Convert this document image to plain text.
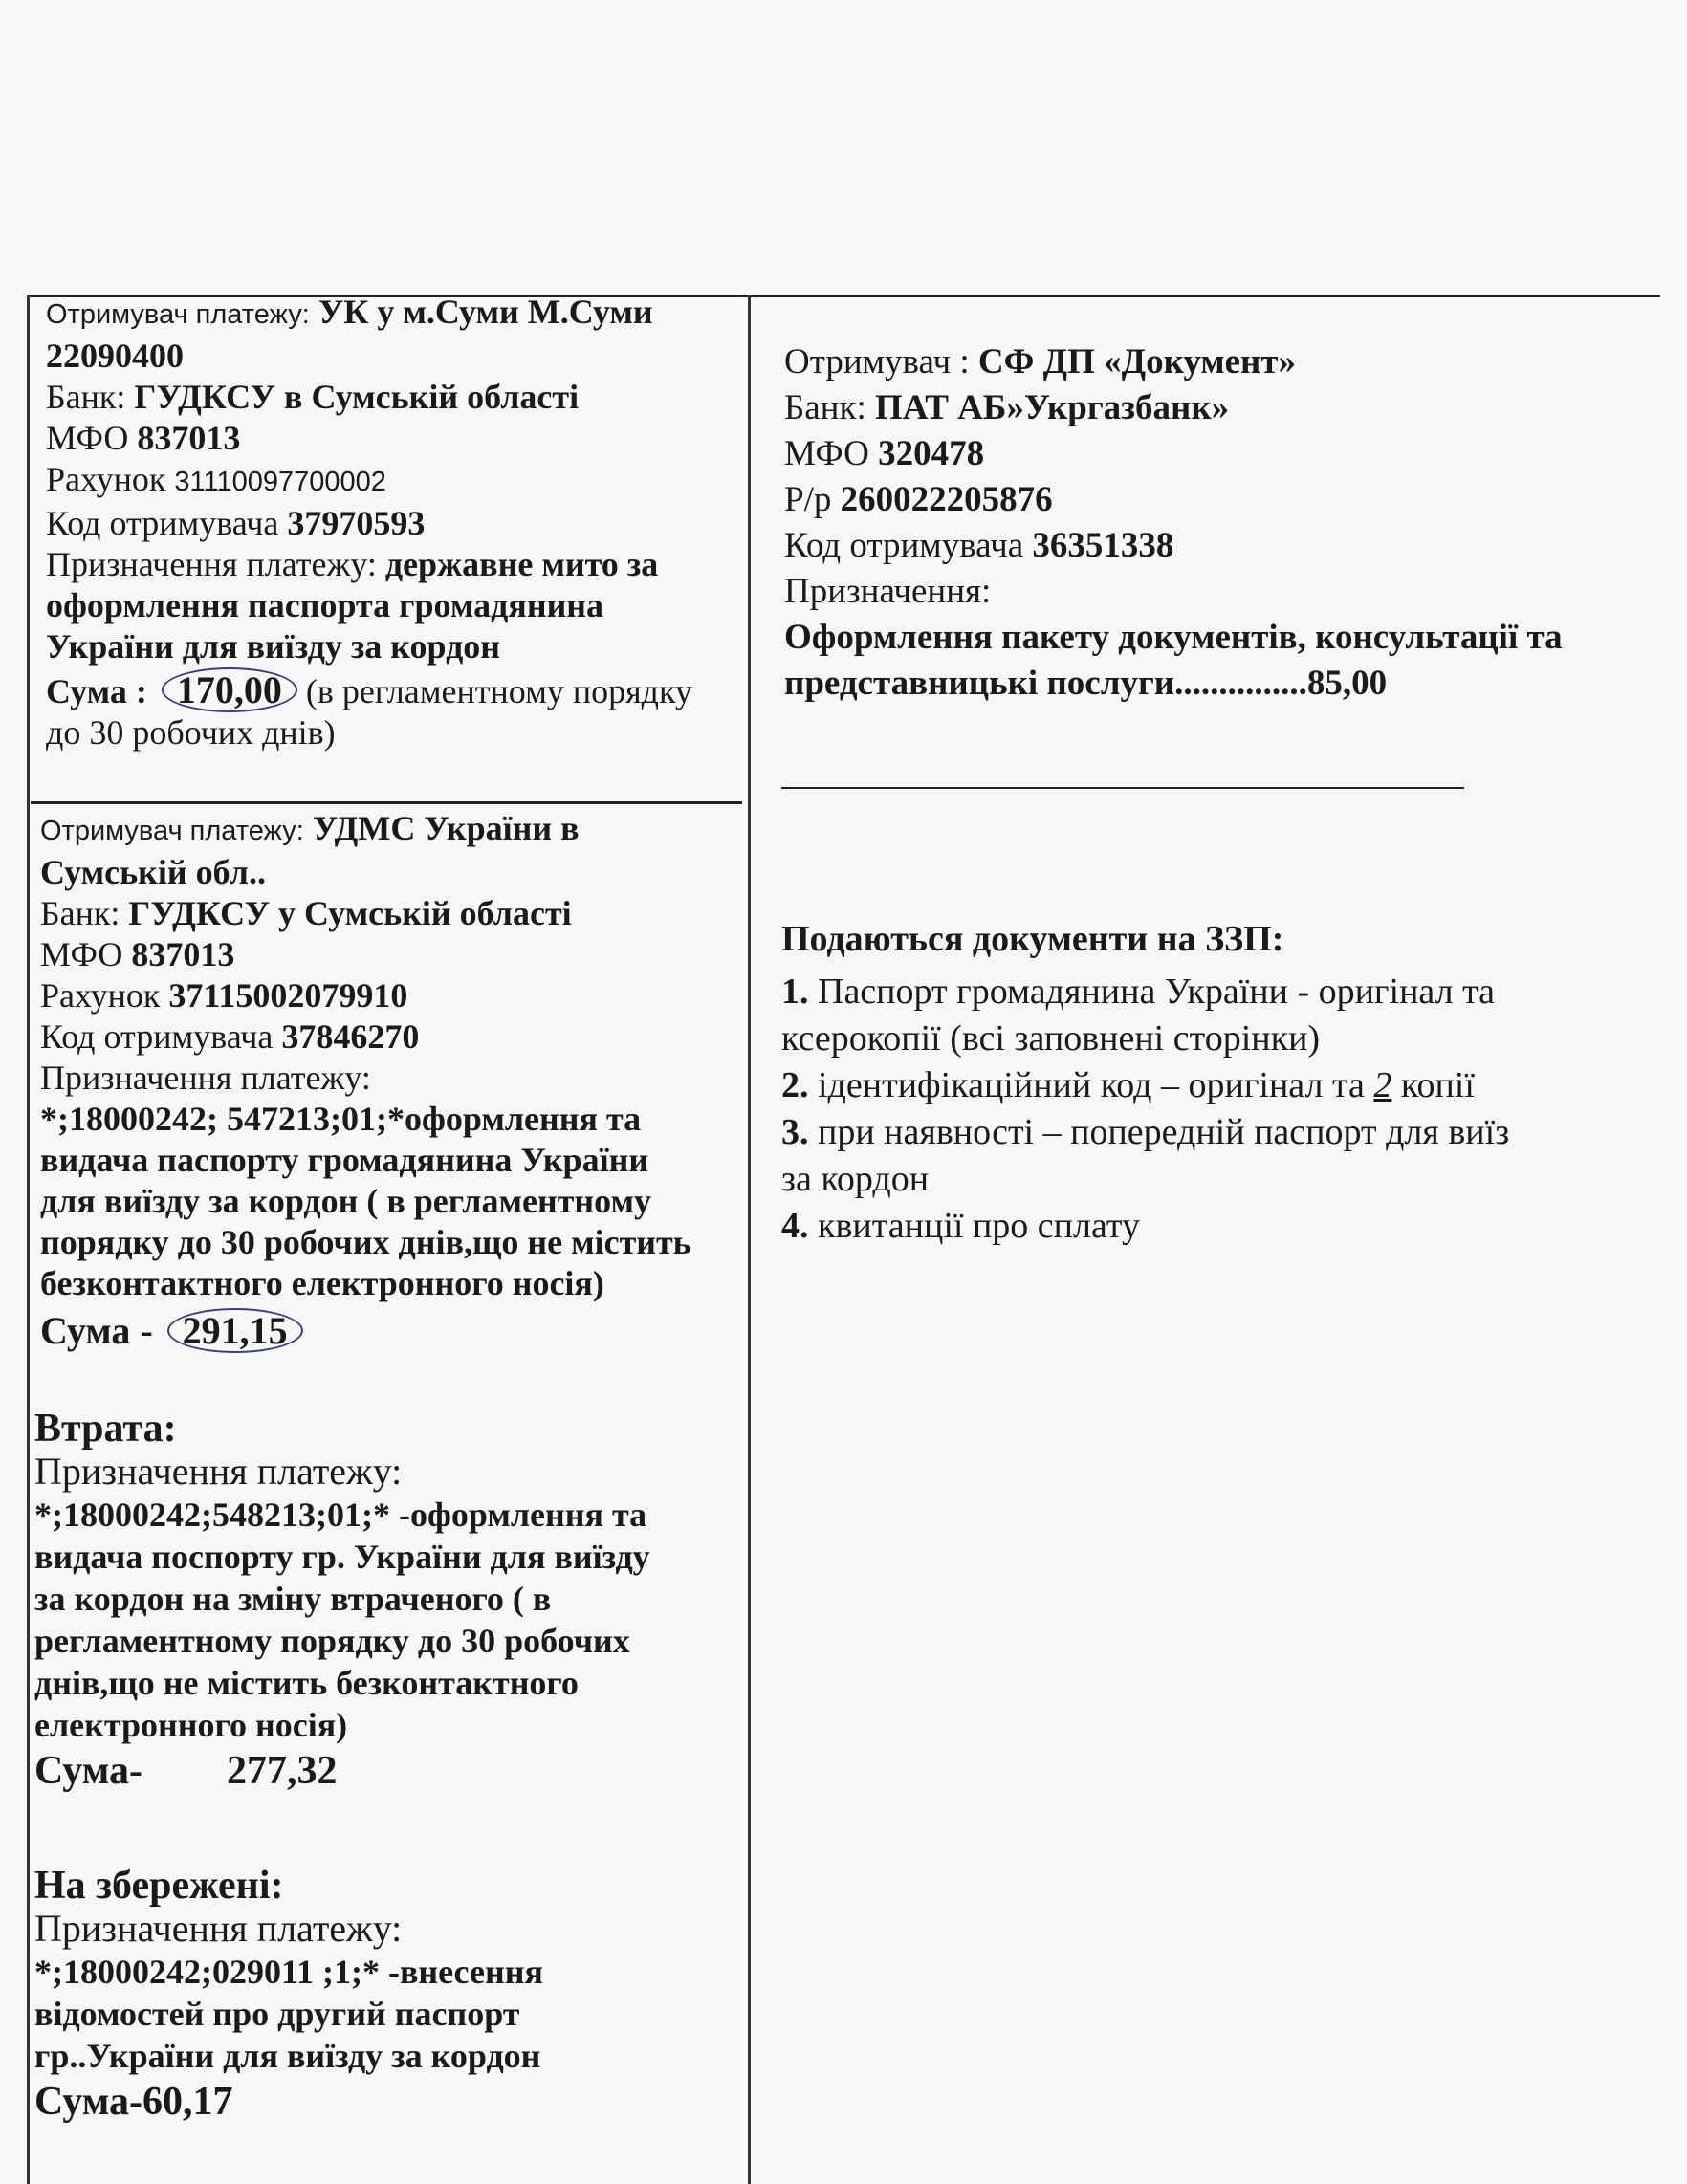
Отримувач платежу: УК у м.Суми М.Суми
22090400
Банк: ГУДКСУ в Сумській області
МФО 837013
Рахунок 31110097700002
Код отримувача 37970593
Призначення платежу: державне мито за
оформлення паспорта громадянина
України для виїзду за кордон
Сума : 170,00 (в регламентному порядку
до 30 робочих днів)
Отримувач платежу: УДМС України в
Сумській обл..
Банк: ГУДКСУ у Сумській області
МФО 837013
Рахунок 37115002079910
Код отримувача 37846270
Призначення платежу:
*;18000242; 547213;01;*оформлення та
видача паспорту громадянина України
для виїзду за кордон ( в регламентному
порядку до 30 робочих днів,що не містить
безконтактного електронного носія)
Сума - 291,15
Втрата:
Призначення платежу:
*;18000242;548213;01;* -оформлення та
видача поспорту гр. України для виїзду
за кордон на зміну втраченого ( в
регламентному порядку до 30 робочих
днів,що не містить безконтактного
електронного носія)
Сума- 277,32
На збережені:
Призначення платежу:
*;18000242;029011 ;1;* -внесення
відомостей про другий паспорт
гр..України для виїзду за кордон
Сума-60,17
Отримувач : СФ ДП «Документ»
Банк: ПАТ АБ»Укргазбанк»
МФО 320478
Р/р 260022205876
Код отримувача 36351338
Призначення:
Оформлення пакету документів, консультації та
представницькі послуги...............85,00
Подаються документи на ЗЗП:
1. Паспорт громадянина України - оригінал та
ксерокопії (всі заповнені сторінки)
2. ідентифікаційний код – оригінал та 2 копії
3. при наявності – попередній паспорт для виїз
за кордон
4. квитанції про сплату
